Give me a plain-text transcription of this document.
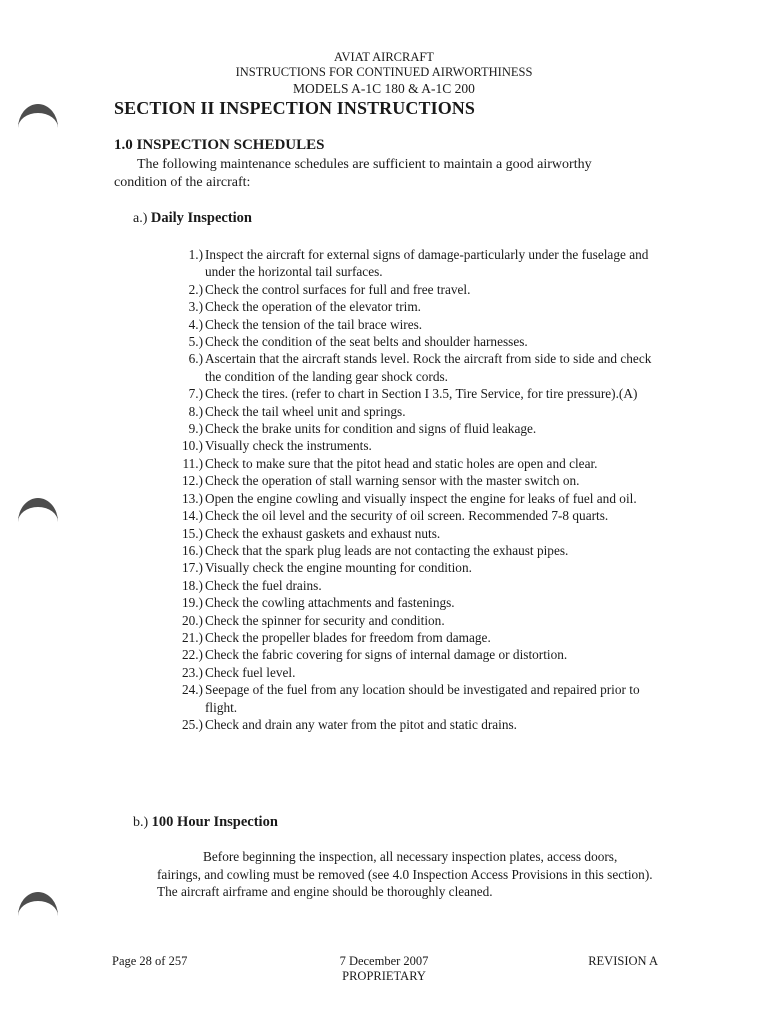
AVIAT AIRCRAFT
INSTRUCTIONS FOR CONTINUED AIRWORTHINESS
MODELS A-1C 180 & A-1C 200
SECTION II INSPECTION INSTRUCTIONS
1.0 INSPECTION SCHEDULES

The following maintenance schedules are sufficient to maintain a good airworthy condition of the aircraft:

a.) Daily Inspection
1.) Inspect the aircraft for external signs of damage-particularly under the fuselage and under the horizontal tail surfaces.
2.) Check the control surfaces for full and free travel.
3.) Check the operation of the elevator trim.
4.) Check the tension of the tail brace wires.
5.) Check the condition of the seat belts and shoulder harnesses.
6.) Ascertain that the aircraft stands level. Rock the aircraft from side to side and check the condition of the landing gear shock cords.
7.) Check the tires. (refer to chart in Section I 3.5, Tire Service, for tire pressure).(A)
8.) Check the tail wheel unit and springs.
9.) Check the brake units for condition and signs of fluid leakage.
10.) Visually check the instruments.
11.) Check to make sure that the pitot head and static holes are open and clear.
12.) Check the operation of stall warning sensor with the master switch on.
13.) Open the engine cowling and visually inspect the engine for leaks of fuel and oil.
14.) Check the oil level and the security of oil screen. Recommended 7-8 quarts.
15.) Check the exhaust gaskets and exhaust nuts.
16.) Check that the spark plug leads are not contacting the exhaust pipes.
17.) Visually check the engine mounting for condition.
18.) Check the fuel drains.
19.) Check the cowling attachments and fastenings.
20.) Check the spinner for security and condition.
21.) Check the propeller blades for freedom from damage.
22.) Check the fabric covering for signs of internal damage or distortion.
23.) Check fuel level.
24.) Seepage of the fuel from any location should be investigated and repaired prior to flight.
25.) Check and drain any water from the pitot and static drains.
b.) 100 Hour Inspection

Before beginning the inspection, all necessary inspection plates, access doors, fairings, and cowling must be removed (see 4.0 Inspection Access Provisions in this section). The aircraft airframe and engine should be thoroughly cleaned.

Page 28 of 257	7 December 2007
PROPRIETARY
REVISION A
